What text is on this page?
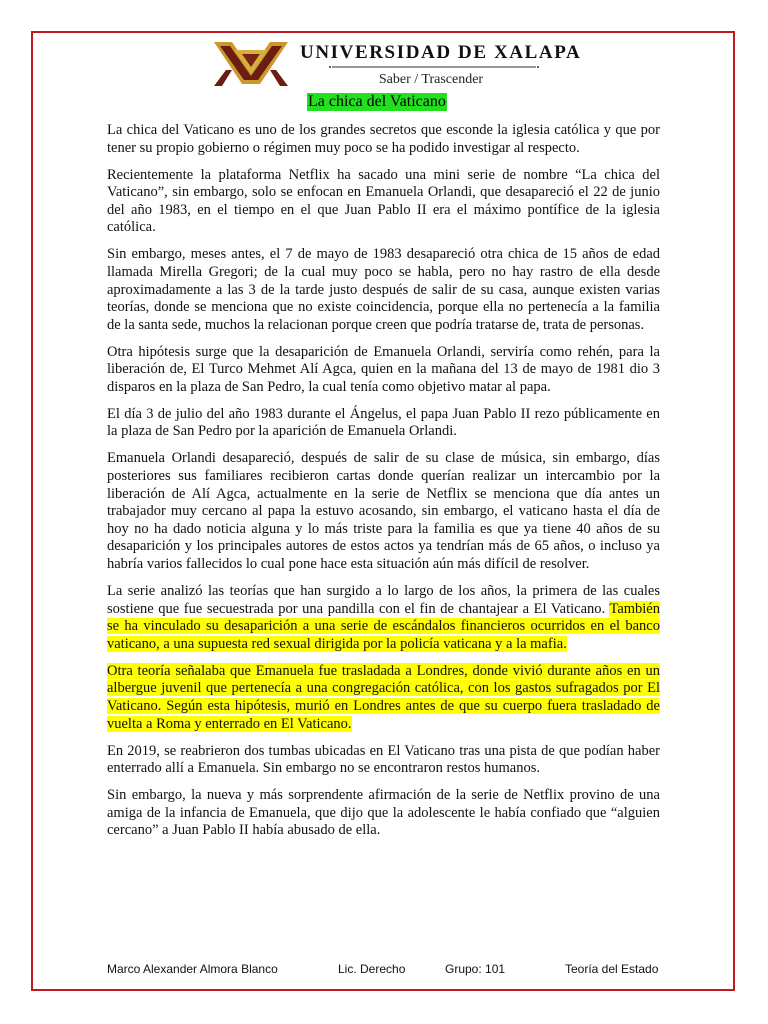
UNIVERSIDAD DE XALAPA
Saber / Trascender
La chica del Vaticano

La chica del Vaticano es uno de los grandes secretos que esconde la iglesia católica y que por tener su propio gobierno o régimen muy poco se ha podido investigar al respecto.

Recientemente la plataforma Netflix ha sacado una mini serie de nombre “La chica del Vaticano”, sin embargo, solo se enfocan en Emanuela Orlandi, que desapareció el 22 de junio del año 1983, en el tiempo en el que Juan Pablo II era el máximo pontífice de la iglesia católica.

Sin embargo, meses antes, el 7 de mayo de 1983 desapareció otra chica de 15 años de edad llamada Mirella Gregori; de la cual muy poco se habla, pero no hay rastro de ella desde aproximadamente a las 3 de la tarde justo después de salir de su casa, aunque existen varias teorías, donde se menciona que no existe coincidencia, porque ella no pertenecía a la familia de la santa sede, muchos la relacionan porque creen que podría tratarse de, trata de personas.

Otra hipótesis surge que la desaparición de Emanuela Orlandi, serviría como rehén, para la liberación de, El Turco Mehmet Alí Agca, quien en la mañana del 13 de mayo de 1981 dio 3 disparos en la plaza de San Pedro, la cual tenía como objetivo matar al papa.

El día 3 de julio del año 1983 durante el Ángelus, el papa Juan Pablo II rezo públicamente en la plaza de San Pedro por la aparición de Emanuela Orlandi.

Emanuela Orlandi desapareció, después de salir de su clase de música, sin embargo, días posteriores sus familiares recibieron cartas donde querían realizar un intercambio por la liberación de Alí Agca, actualmente en la serie de Netflix se menciona que día antes un trabajador muy cercano al papa la estuvo acosando, sin embargo, el vaticano hasta el día de hoy no ha dado noticia alguna y lo más triste para la familia es que ya tiene 40 años de su desaparición y los principales autores de estos actos ya tendrían más de 65 años, o incluso ya habría varios fallecidos lo cual pone hace esta situación aún más difícil de resolver.

La serie analizó las teorías que han surgido a lo largo de los años, la primera de las cuales sostiene que fue secuestrada por una pandilla con el fin de chantajear a El Vaticano. También se ha vinculado su desaparición a una serie de escándalos financieros ocurridos en el banco vaticano, a una supuesta red sexual dirigida por la policía vaticana y a la mafia.

Otra teoría señalaba que Emanuela fue trasladada a Londres, donde vivió durante años en un albergue juvenil que pertenecía a una congregación católica, con los gastos sufragados por El Vaticano. Según esta hipótesis, murió en Londres antes de que su cuerpo fuera trasladado de vuelta a Roma y enterrado en El Vaticano.

En 2019, se reabrieron dos tumbas ubicadas en El Vaticano tras una pista de que podían haber enterrado allí a Emanuela. Sin embargo no se encontraron restos humanos.

Sin embargo, la nueva y más sorprendente afirmación de la serie de Netflix provino de una amiga de la infancia de Emanuela, que dijo que la adolescente le había confiado que “alguien cercano” a Juan Pablo II había abusado de ella.

Marco Alexander Almora Blanco	Lic. Derecho	Grupo: 101	Teoría del Estado
